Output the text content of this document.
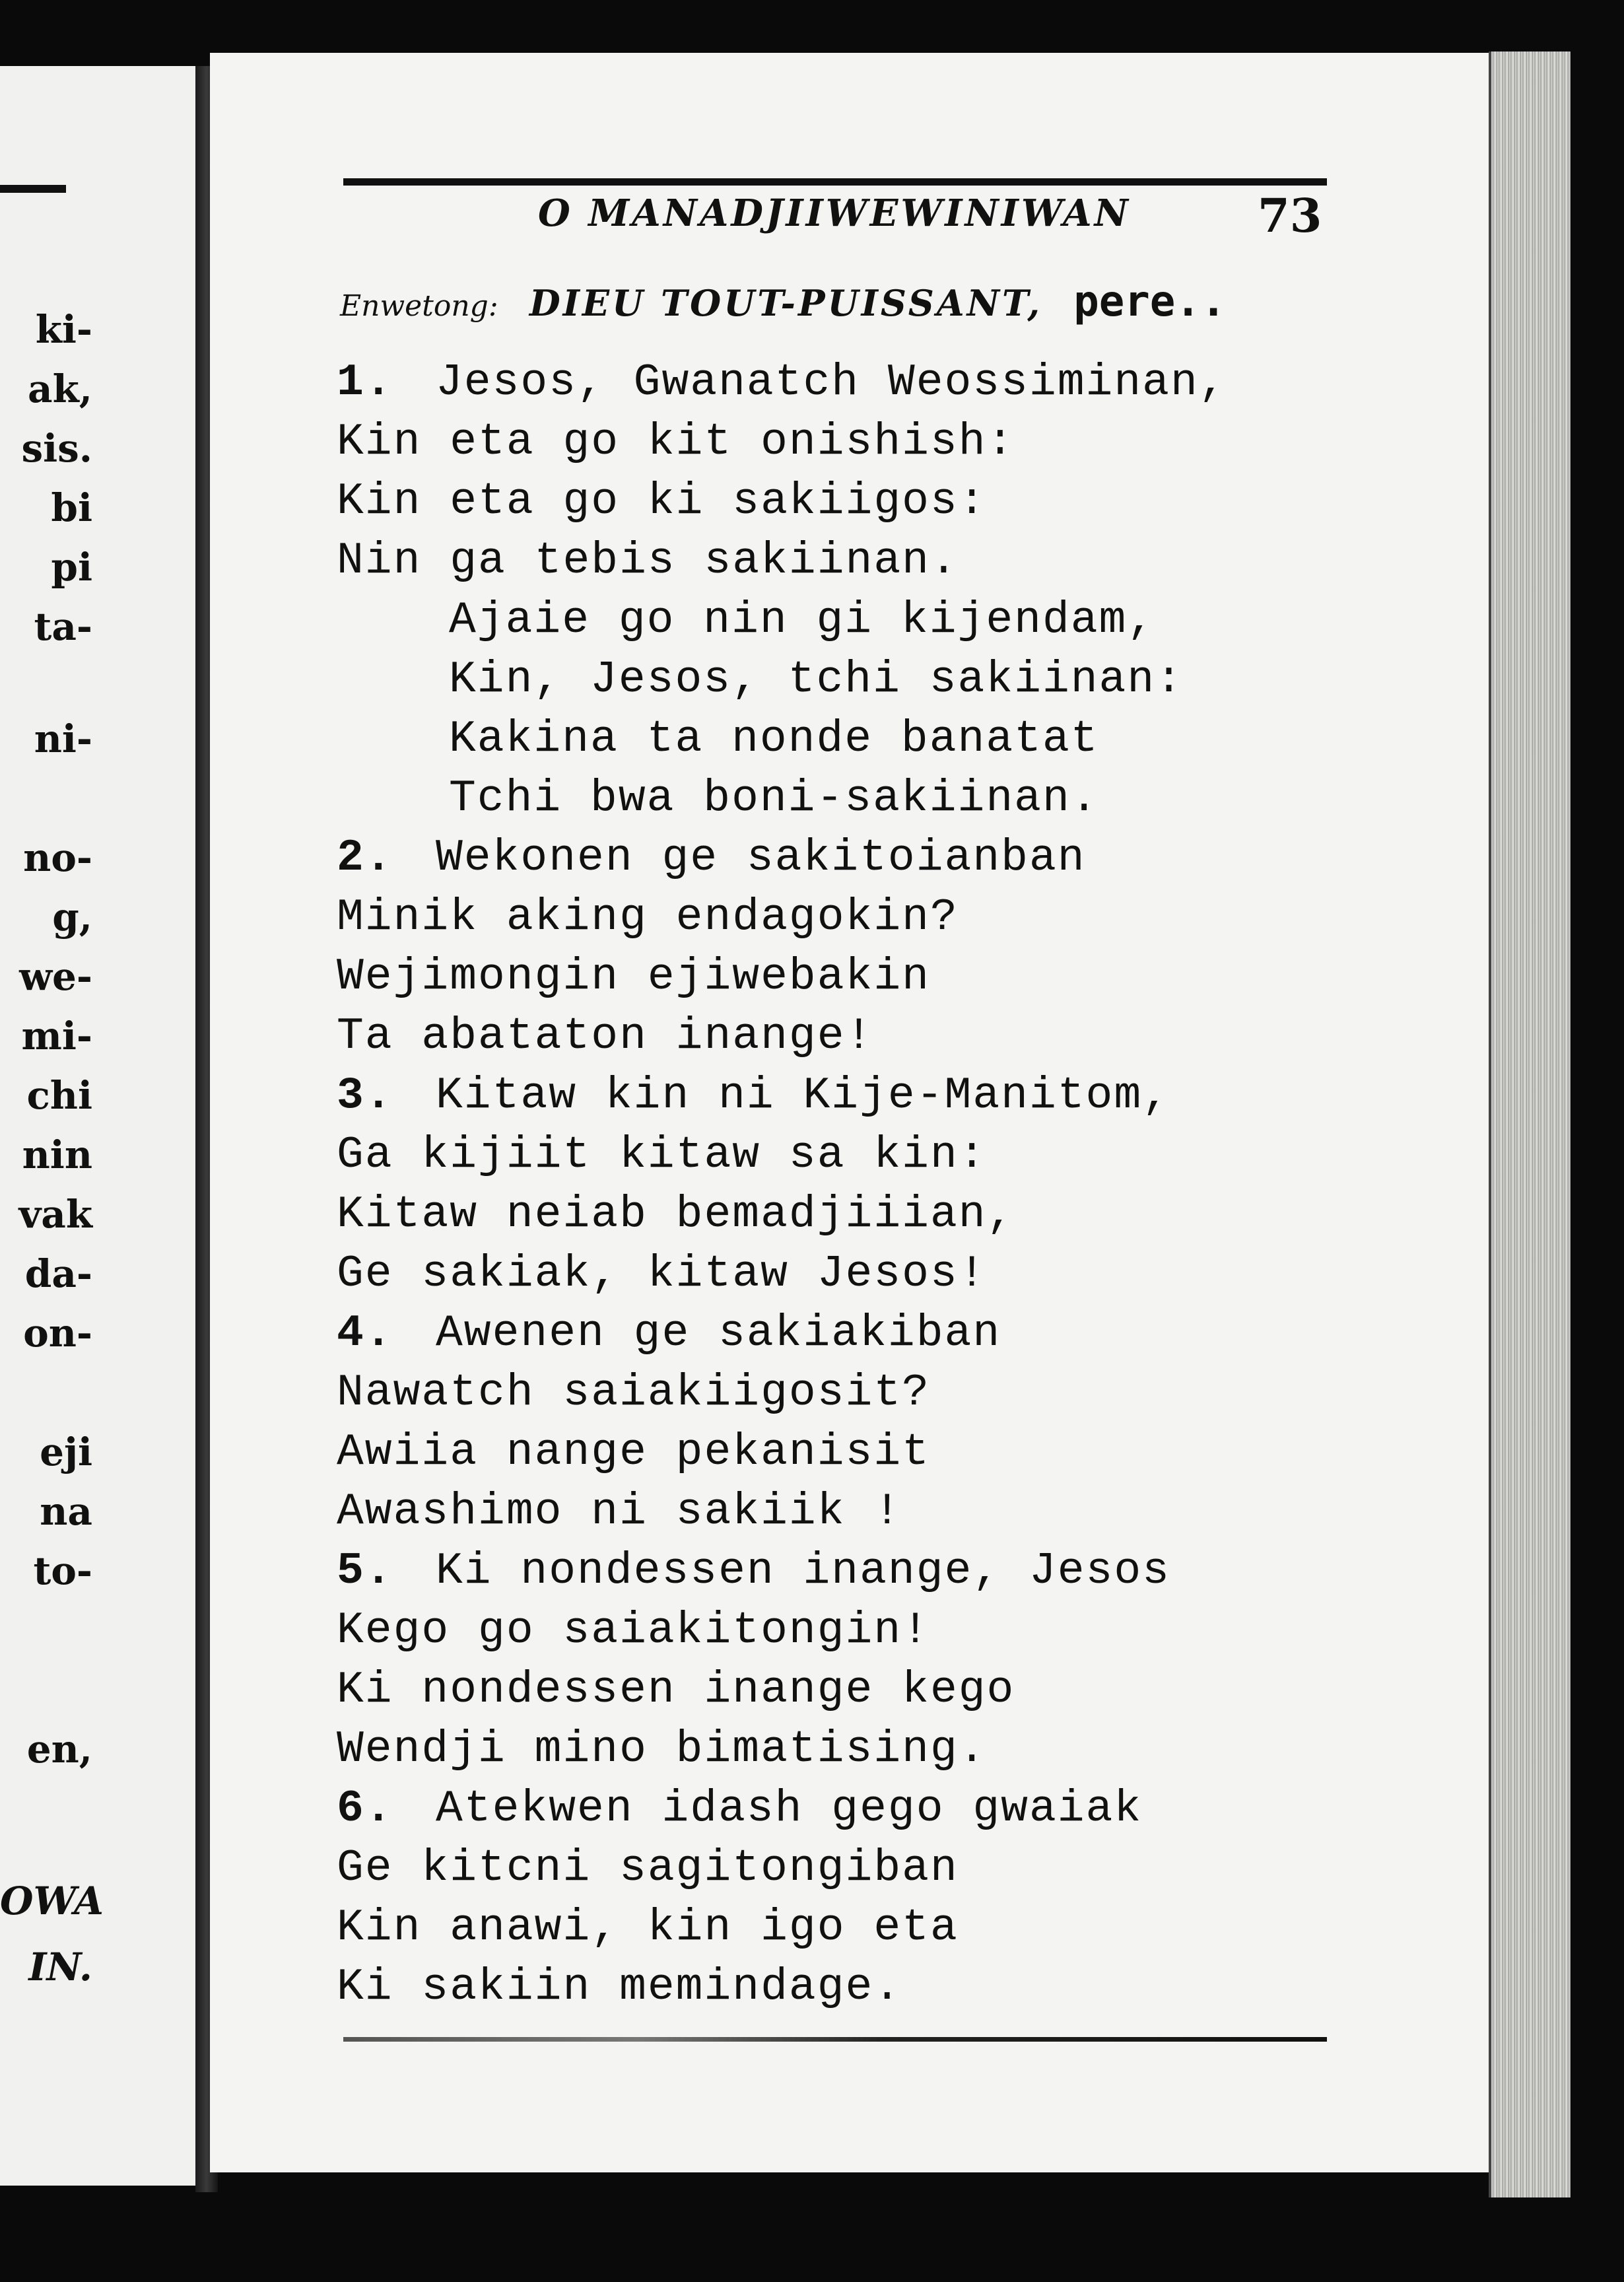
ki-
ak,
sis.
bi
pi
ta-
ni-
no-
g,
we-
mi-
chi
nin
vak
da-
on-
eji
na
to-
en,
OWA
IN.
O MANADJIIWEWINIWAN	73
Enwetong: DIEU TOUT-PUISSANT, pere..
1. Jesos, Gwanatch Weossiminan,
Kin eta go kit onishish:
Kin eta go ki sakiigos:
Nin ga tebis sakiinan.
Ajaie go nin gi kijendam,
Kin, Jesos, tchi sakiinan:
Kakina ta nonde banatat
Tchi bwa boni-sakiinan.
2. Wekonen ge sakitoianban
Minik aking endagokin?
Wejimongin ejiwebakin
Ta abataton inange!
3. Kitaw kin ni Kije-Manitom,
Ga kijiit kitaw sa kin:
Kitaw neiab bemadjiiian,
Ge sakiak, kitaw Jesos!
4. Awenen ge sakiakiban
Nawatch saiakiigosit?
Awiia nange pekanisit
Awashimo ni sakiik !
5. Ki nondessen inange, Jesos
Kego go saiakitongin!
Ki nondessen inange kego
Wendji mino bimatising.
6. Atekwen idash gego gwaiak
Ge kitcni sagitongiban
Kin anawi, kin igo eta
Ki sakiin memindage.
